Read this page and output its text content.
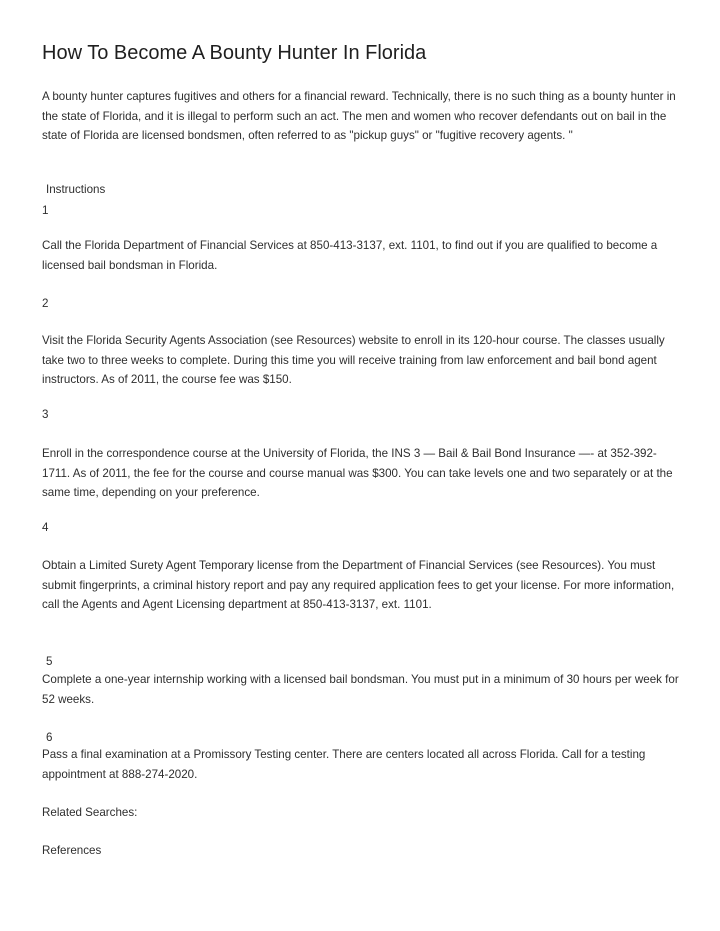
How To Become A Bounty Hunter In Florida
A bounty hunter captures fugitives and others for a financial reward. Technically, there is no such thing as a bounty hunter in the state of Florida, and it is illegal to perform such an act. The men and women who recover defendants out on bail in the state of Florida are licensed bondsmen, often referred to as "pickup guys" or "fugitive recovery agents. "
Instructions
1
Call the Florida Department of Financial Services at 850-413-3137, ext. 1101, to find out if you are qualified to become a licensed bail bondsman in Florida.
2
Visit the Florida Security Agents Association (see Resources) website to enroll in its 120-hour course. The classes usually take two to three weeks to complete. During this time you will receive training from law enforcement and bail bond agent instructors. As of 2011, the course fee was $150.
3
Enroll in the correspondence course at the University of Florida, the INS 3 — Bail & Bail Bond Insurance —- at 352-392-1711. As of 2011, the fee for the course and course manual was $300. You can take levels one and two separately or at the same time, depending on your preference.
4
Obtain a Limited Surety Agent Temporary license from the Department of Financial Services (see Resources). You must submit fingerprints, a criminal history report and pay any required application fees to get your license. For more information, call the Agents and Agent Licensing department at 850-413-3137, ext. 1101.
5
Complete a one-year internship working with a licensed bail bondsman. You must put in a minimum of 30 hours per week for 52 weeks.
6
Pass a final examination at a Promissory Testing center. There are centers located all across Florida. Call for a testing appointment at 888-274-2020.
Related Searches:
References
